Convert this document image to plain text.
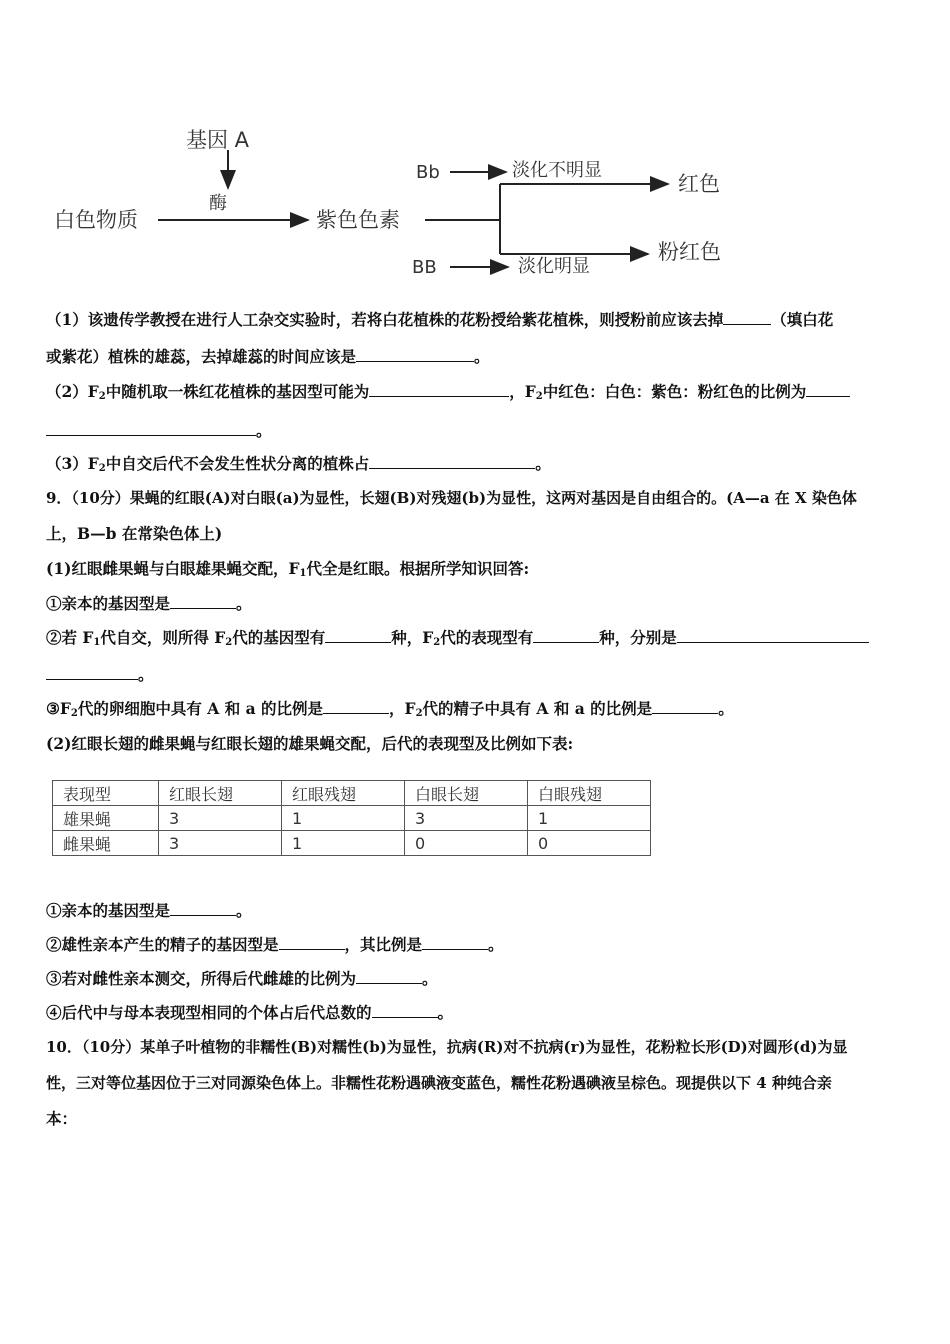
基因 A
酶
白色物质	紫色色素
Bb
BB
淡化不明显
淡化明显
红色
粉红色
（1）该遗传学教授在进行人工杂交实验时，若将白花植株的花粉授给紫花植株，则授粉前应该去掉	（填白花
或紫花）植株的雄蕊，去掉雄蕊的时间应该是	。
$(2)F_2$中随机取一株红花植株的基因型可能为	，$F_2$中红色：白色：紫色：粉红色的比例为
。
$(3)F_2$中自交后代不会发生性状分离的植株占	。
9．（10分）果蝇的红眼(A)对白眼(a)为显性，长翅(B)对残翅(b)为显性，这两对基因是自由组合的。(A—a 在 X 染色体
上，B—b 在常染色体上)
(1)红眼雌果蝇与白眼雄果蝇交配，$F_1$代全是红眼。根据所学知识回答:
①亲本的基因型是	。
②若 $F_1$代自交，则所得 $F_2$代的基因型有	种，$F_2$代的表现型有	种，分别是
。
$③F_2$代的卵细胞中具有 A 和 a 的比例是	，$F_2$代的精子中具有 A 和 a 的比例是	。
(2)红眼长翅的雌果蝇与红眼长翅的雄果蝇交配，后代的表现型及比例如下表:
表现型	红眼长翅	红眼残翅	白眼长翅	白眼残翅
雄果蝇	3	1	3	1
雌果蝇	3	1	0	0
①亲本的基因型是	。
②雄性亲本产生的精子的基因型是	，其比例是	。
③若对雌性亲本测交，所得后代雌雄的比例为	。
④后代中与母本表现型相同的个体占后代总数的	。
10．（10分）某单子叶植物的非糯性(B)对糯性(b)为显性，抗病(R)对不抗病(r)为显性，花粉粒长形(D)对圆形(d)为显
性，三对等位基因位于三对同源染色体上。非糯性花粉遇碘液变蓝色，糯性花粉遇碘液呈棕色。现提供以下 4 种纯合亲
本：
